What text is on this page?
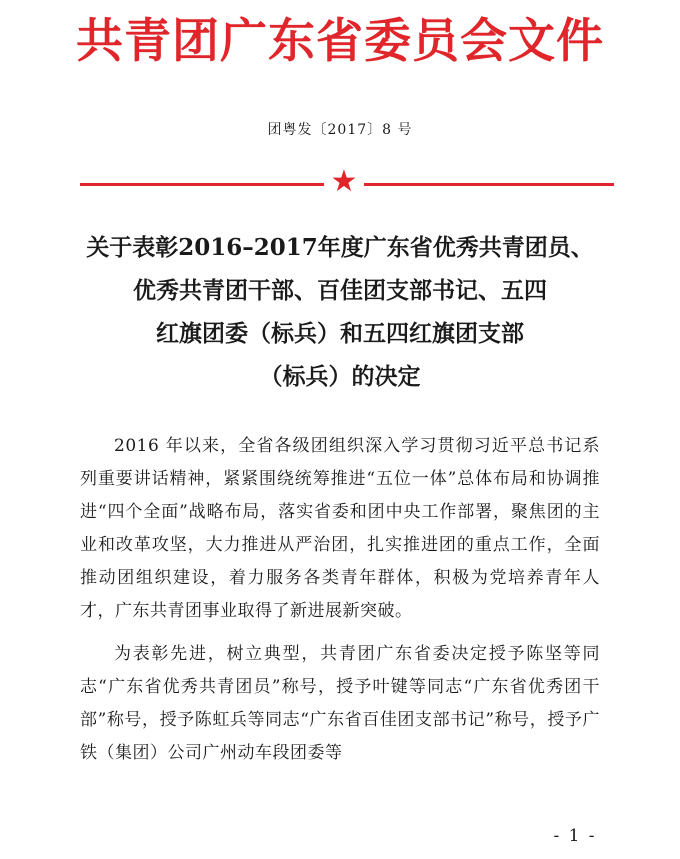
共青团广东省委员会文件
团粤发〔2017〕8 号
★
关于表彰2016–2017年度广东省优秀共青团员、
优秀共青团干部、百佳团支部书记、五四
红旗团委（标兵）和五四红旗团支部
（标兵）的决定

2016 年以来，全省各级团组织深入学习贯彻习近平总书记系列重要讲话精神，紧紧围绕统筹推进“五位一体”总体布局和协调推进“四个全面”战略布局，落实省委和团中央工作部署，聚焦团的主业和改革攻坚，大力推进从严治团，扎实推进团的重点工作，全面推动团组织建设，着力服务各类青年群体，积极为党培养青年人才，广东共青团事业取得了新进展新突破。

为表彰先进，树立典型，共青团广东省委决定授予陈坚等同志“广东省优秀共青团员”称号，授予叶键等同志“广东省优秀团干部”称号，授予陈虹兵等同志“广东省百佳团支部书记”称号，授予广铁（集团）公司广州动车段团委等

- 1 -
